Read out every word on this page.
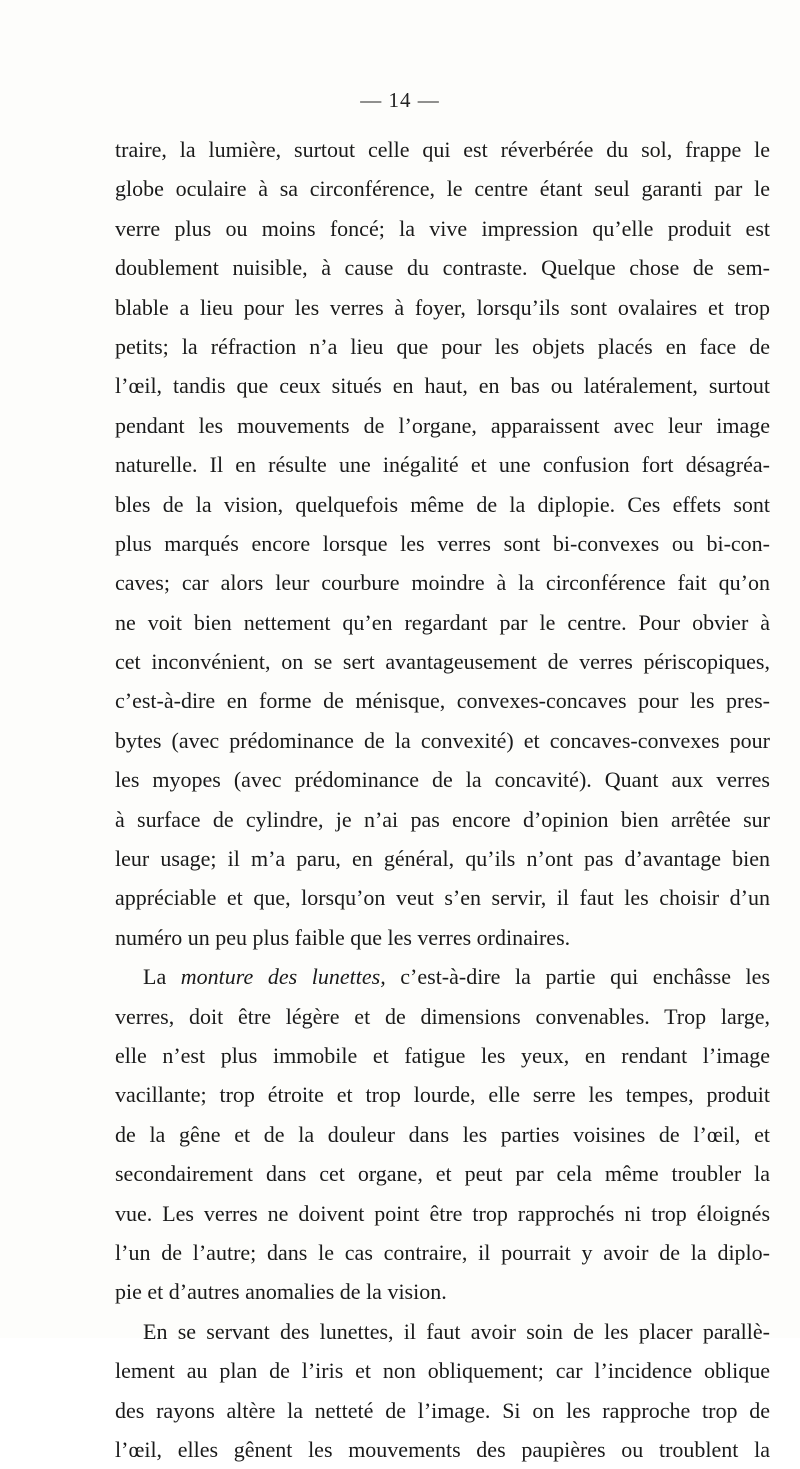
— 14 —
traire, la lumière, surtout celle qui est réverbérée du sol, frappe le
globe oculaire à sa circonférence, le centre étant seul garanti par le
verre plus ou moins foncé; la vive impression qu’elle produit est
doublement nuisible, à cause du contraste. Quelque chose de sem-
blable a lieu pour les verres à foyer, lorsqu’ils sont ovalaires et trop
petits; la réfraction n’a lieu que pour les objets placés en face de
l’œil, tandis que ceux situés en haut, en bas ou latéralement, surtout
pendant les mouvements de l’organe, apparaissent avec leur image
naturelle. Il en résulte une inégalité et une confusion fort désagréa-
bles de la vision, quelquefois même de la diplopie. Ces effets sont
plus marqués encore lorsque les verres sont bi-convexes ou bi-con-
caves; car alors leur courbure moindre à la circonférence fait qu’on
ne voit bien nettement qu’en regardant par le centre. Pour obvier à
cet inconvénient, on se sert avantageusement de verres périscopiques,
c’est-à-dire en forme de ménisque, convexes-concaves pour les pres-
bytes (avec prédominance de la convexité) et concaves-convexes pour
les myopes (avec prédominance de la concavité). Quant aux verres
à surface de cylindre, je n’ai pas encore d’opinion bien arrêtée sur
leur usage; il m’a paru, en général, qu’ils n’ont pas d’avantage bien
appréciable et que, lorsqu’on veut s’en servir, il faut les choisir d’un
numéro un peu plus faible que les verres ordinaires.
La monture des lunettes, c’est-à-dire la partie qui enchâsse les
verres, doit être légère et de dimensions convenables. Trop large,
elle n’est plus immobile et fatigue les yeux, en rendant l’image
vacillante; trop étroite et trop lourde, elle serre les tempes, produit
de la gêne et de la douleur dans les parties voisines de l’œil, et
secondairement dans cet organe, et peut par cela même troubler la
vue. Les verres ne doivent point être trop rapprochés ni trop éloignés
l’un de l’autre; dans le cas contraire, il pourrait y avoir de la diplo-
pie et d’autres anomalies de la vision.
En se servant des lunettes, il faut avoir soin de les placer parallè-
lement au plan de l’iris et non obliquement; car l’incidence oblique
des rayons altère la netteté de l’image. Si on les rapproche trop de
l’œil, elles gênent les mouvements des paupières ou troublent la
